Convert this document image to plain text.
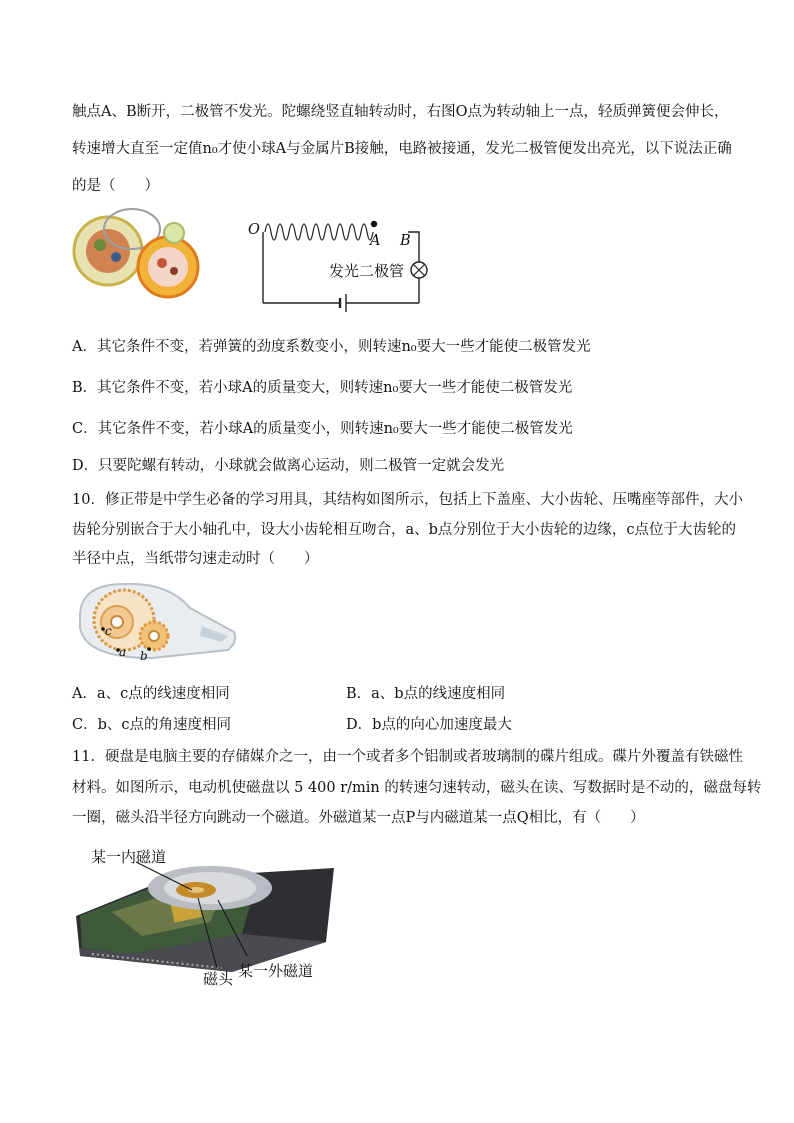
触点A、B断开，二极管不发光。陀螺绕竖直轴转动时，右图O点为转动轴上一点，轻质弹簧便会伸长，
转速增大直至一定值n₀才使小球A与金属片B接触，电路被接通，发光二极管便发出亮光，以下说法正确
的是（　　）
O
A B
发光二极管
A．其它条件不变，若弹簧的劲度系数变小，则转速n₀要大一些才能使二极管发光
B．其它条件不变，若小球A的质量变大，则转速n₀要大一些才能使二极管发光
C．其它条件不变，若小球A的质量变小，则转速n₀要大一些才能使二极管发光
D．只要陀螺有转动，小球就会做离心运动，则二极管一定就会发光
10．修正带是中学生必备的学习用具，其结构如图所示，包括上下盖座、大小齿轮、压嘴座等部件，大小
齿轮分别嵌合于大小轴孔中，设大小齿轮相互吻合，a、b点分别位于大小齿轮的边缘，c点位于大齿轮的
半径中点，当纸带匀速走动时（　　）
c
a b
A．a、c点的线速度相同	B．a、b点的线速度相同
C．b、c点的角速度相同	D．b点的向心加速度最大
11．硬盘是电脑主要的存储媒介之一，由一个或者多个铝制或者玻璃制的碟片组成。碟片外覆盖有铁磁性
材料。如图所示，电动机使磁盘以 5 400 r/min 的转速匀速转动，磁头在读、写数据时是不动的，磁盘每转
一圈，磁头沿半径方向跳动一个磁道。外磁道某一点P与内磁道某一点Q相比，有（　　）
某一内磁道
磁头 某一外磁道
